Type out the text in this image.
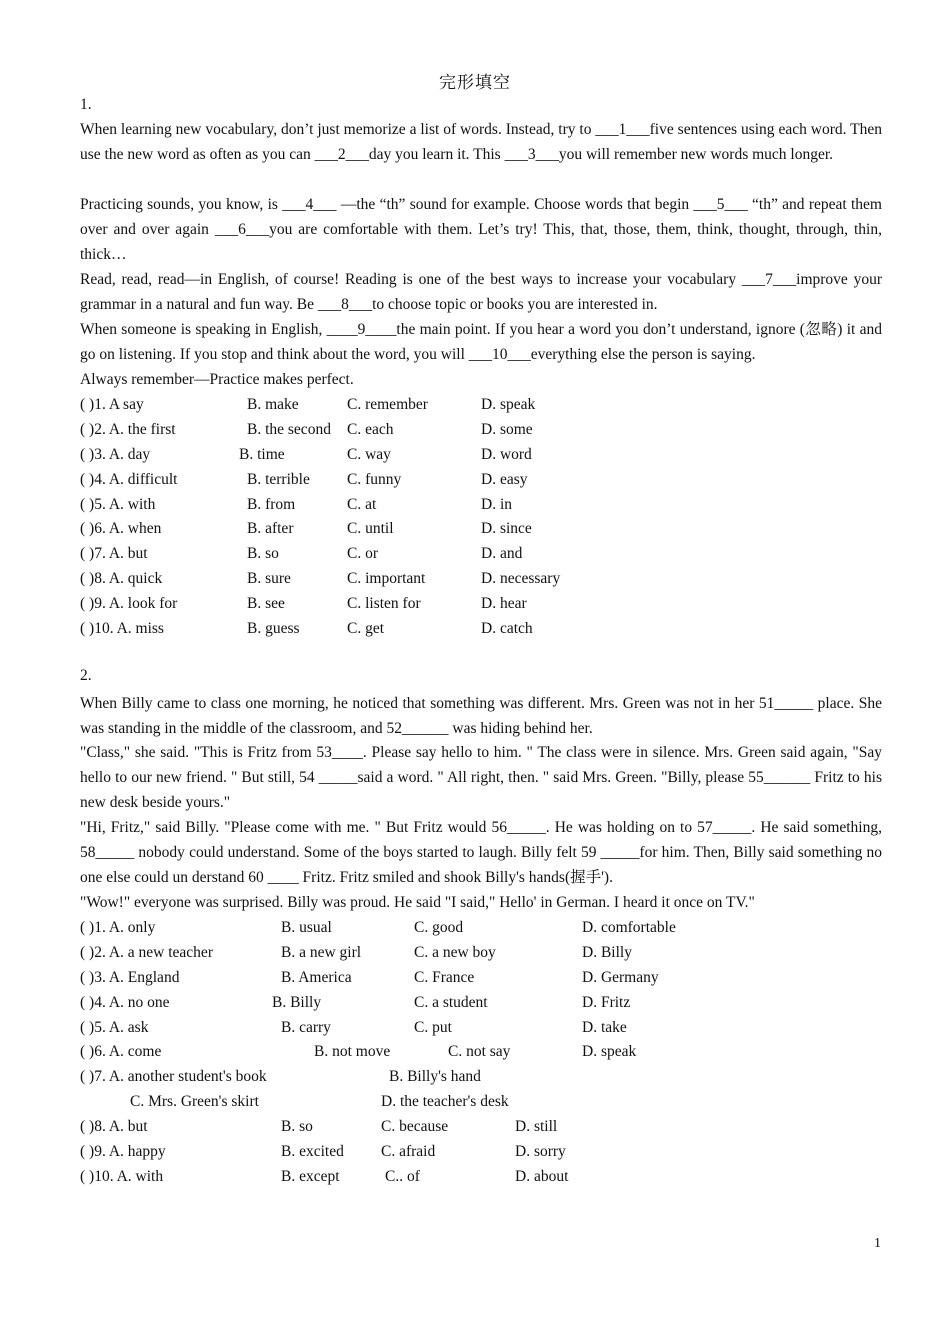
完形填空
1.

When learning new vocabulary, don’t just memorize a list of words. Instead, try to ___1___five sentences using each word. Then use the new word as often as you can ___2___day you learn it. This ___3___you will remember new words much longer.

Practicing sounds, you know, is ___4___ —the “th” sound for example. Choose words that begin ___5___ “th” and repeat them over and over again ___6___you are comfortable with them. Let’s try! This, that, those, them, think, thought, through, thin, thick…

Read, read, read—in English, of course! Reading is one of the best ways to increase your vocabulary ___7___improve your grammar in a natural and fun way. Be ___8___to choose topic or books you are interested in.

When someone is speaking in English, ____9____the main point. If you hear a word you don’t understand, ignore (忽略) it and go on listening. If you stop and think about the word, you will ___10___everything else the person is saying.

Always remember—Practice makes perfect.

( )1. A say	B. make	C. remember	D. speak
( )2. A. the first	B. the second C. each	D. some
( )3. A. day	B. time	C. way	D. word
( )4. A. difficult	B. terrible C. funny	D. easy
( )5. A. with	B. from	C. at	D. in
( )6. A. when	B. after	C. until	D. since
( )7. A. but	B. so	C. or	D. and
( )8. A. quick	B. sure	C. important	D. necessary
( )9. A. look for	B. see	C. listen for	D. hear
( )10. A. miss	B. guess	C. get	D. catch
2.

When Billy came to class one morning, he noticed that something was different. Mrs. Green was not in her 51_____ place. She was standing in the middle of the classroom, and 52______ was hiding behind her.

"Class," she said. "This is Fritz from 53____. Please say hello to him. " The class were in silence. Mrs. Green said again, "Say hello to our new friend. " But still, 54 _____said a word. " All right, then. " said Mrs. Green. "Billy, please 55______ Fritz to his new desk beside yours."

"Hi, Fritz," said Billy. "Please come with me. " But Fritz would 56_____. He was holding on to 57_____. He said something, 58_____ nobody could understand. Some of the boys started to laugh. Billy felt 59 _____for him. Then, Billy said something no one else could un derstand 60 ____ Fritz. Fritz smiled and shook Billy's hands(握手').

"Wow!" everyone was surprised. Billy was proud. He said "I said," Hello' in German. I heard it once on TV."

( )1. A. only	B. usual	C. good	D. comfortable
( )2. A. a new teacher	B. a new girl	C. a new boy	D. Billy
( )3. A. England	B. America	C. France	D. Germany
( )4. A. no one	B. Billy	C. a student	D. Fritz
( )5. A. ask	B. carry	C. put	D. take
( )6. A. come	B. not move	C. not say	D. speak
( )7. A. another student's book	B. Billy's hand
C. Mrs. Green's skirt	D. the teacher's desk
( )8. A. but	B. so	C. because	D. still
( )9. A. happy	B. excited C. afraid	D. sorry
( )10. A. with	B. except	C.. of	D. about
1
